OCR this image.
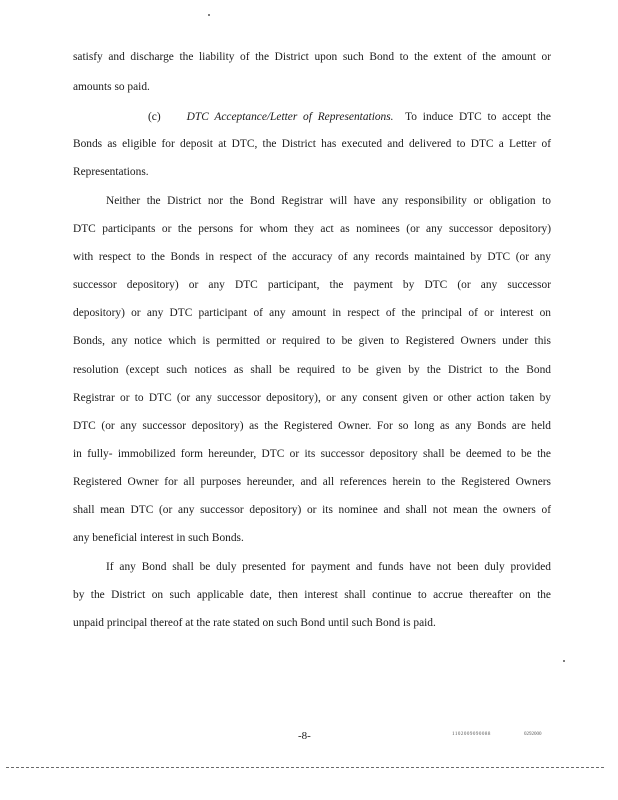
satisfy and discharge the liability of the District upon such Bond to the extent of the amount or
amounts so paid.
(c) DTC Acceptance/Letter of Representations. To induce DTC to accept the
Bonds as eligible for deposit at DTC, the District has executed and delivered to DTC a Letter of
Representations.
Neither the District nor the Bond Registrar will have any responsibility or obligation to
DTC participants or the persons for whom they act as nominees (or any successor depository)
with respect to the Bonds in respect of the accuracy of any records maintained by DTC (or any
successor depository) or any DTC participant, the payment by DTC (or any successor
depository) or any DTC participant of any amount in respect of the principal of or interest on
Bonds, any notice which is permitted or required to be given to Registered Owners under this
resolution (except such notices as shall be required to be given by the District to the Bond
Registrar or to DTC (or any successor depository), or any consent given or other action taken by
DTC (or any successor depository) as the Registered Owner. For so long as any Bonds are held
in fully- immobilized form hereunder, DTC or its successor depository shall be deemed to be the
Registered Owner for all purposes hereunder, and all references herein to the Registered Owners
shall mean DTC (or any successor depository) or its nominee and shall not mean the owners of
any beneficial interest in such Bonds.
If any Bond shall be duly presented for payment and funds have not been duly provided
by the District on such applicable date, then interest shall continue to accrue thereafter on the
unpaid principal thereof at the rate stated on such Bond until such Bond is paid.
-8-	1102009090088	0292000
